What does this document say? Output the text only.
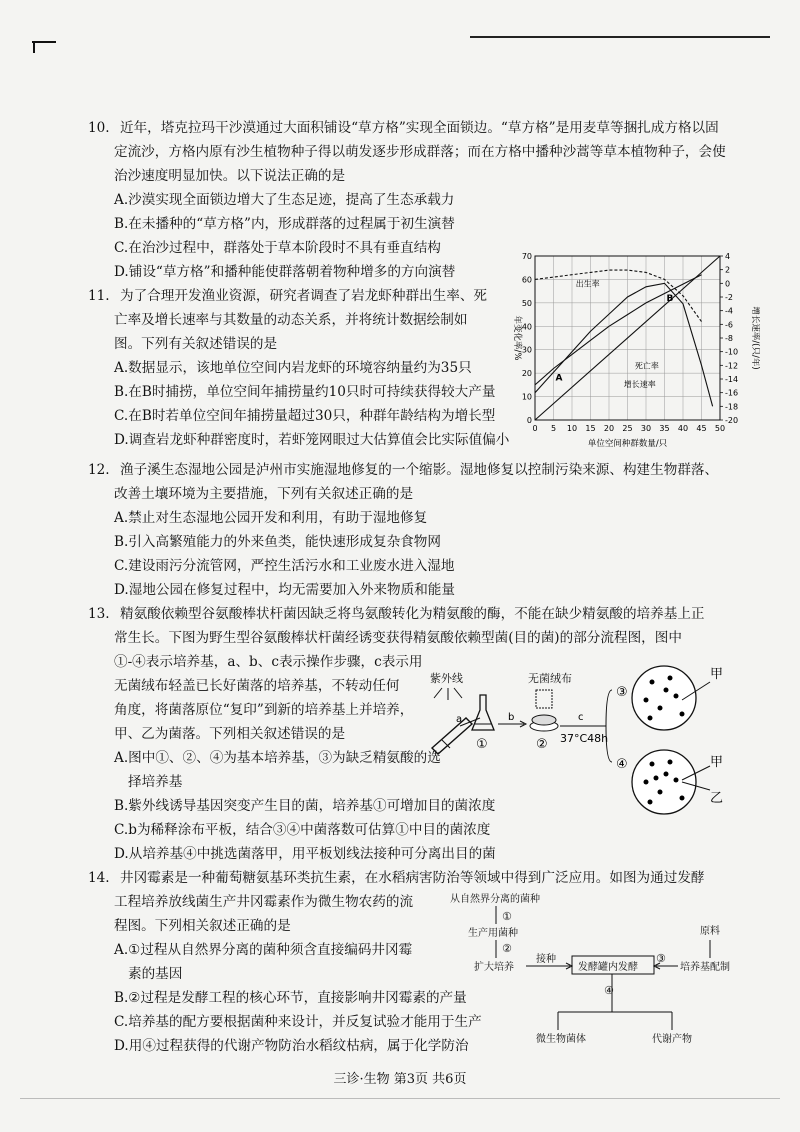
10. 近年，塔克拉玛干沙漠通过大面积铺设“草方格”实现全面锁边。“草方格”是用麦草等捆扎成方格以固
定流沙，方格内原有沙生植物种子得以萌发逐步形成群落；而在方格中播种沙蒿等草本植物种子，会使
治沙速度明显加快。以下说法正确的是
A.沙漠实现全面锁边增大了生态足迹，提高了生态承载力
B.在未播种的“草方格”内，形成群落的过程属于初生演替
C.在治沙过程中，群落处于草本阶段时不具有垂直结构
D.铺设“草方格”和播种能使群落朝着物种增多的方向演替
11. 为了合理开发渔业资源，研究者调查了岩龙虾种群出生率、死
亡率及增长速率与其数量的动态关系，并将统计数据绘制如
图。下列有关叙述错误的是
A.数据显示，该地单位空间内岩龙虾的环境容纳量约为35只
B.在B时捕捞，单位空间年捕捞量约10只时可持续获得较大产量
C.在B时若单位空间年捕捞量超过30只，种群年龄结构为增长型
D.调查岩龙虾种群密度时，若虾笼网眼过大估算值会比实际值偏小
0 5 10 15 20 25 30 35 40 45 50
0
10
20
30
40
50
60
70	4
2
0
-2
-4
-6
-8
-10
-12
-14
-16
-18
-20
单位空间种群数量/只
年变化率/%	增长速率/(只/年)
出生率
死亡率
增长速率
A
B
12. 渔子溪生态湿地公园是泸州市实施湿地修复的一个缩影。湿地修复以控制污染来源、构建生物群落、
改善土壤环境为主要措施，下列有关叙述正确的是
A.禁止对生态湿地公园开发和利用，有助于湿地修复
B.引入高繁殖能力的外来鱼类，能快速形成复杂食物网
C.建设雨污分流管网，严控生活污水和工业废水进入湿地
D.湿地公园在修复过程中，均无需要加入外来物质和能量
13. 精氨酸依赖型谷氨酸棒状杆菌因缺乏将鸟氨酸转化为精氨酸的酶，不能在缺少精氨酸的培养基上正
常生长。下图为野生型谷氨酸棒状杆菌经诱变获得精氨酸依赖型菌(目的菌)的部分流程图，图中
①-④表示培养基，a、b、c表示操作步骤，c表示用
无菌绒布轻盖已长好菌落的培养基，不转动任何
角度，将菌落原位“复印”到新的培养基上并培养，
甲、乙为菌落。下列相关叙述错误的是
A.图中①、②、④为基本培养基，③为缺乏精氨酸的选
择培养基
B.紫外线诱导基因突变产生目的菌，培养基①可增加目的菌浓度
C.b为稀释涂布平板，结合③④中菌落数可估算①中目的菌浓度
D.从培养基④中挑选菌落甲，用平板划线法接种可分离出目的菌
紫外线	无菌绒布
a
①
b
②
c
37°C48h
③
④
甲
甲
乙
14. 井冈霉素是一种葡萄糖氨基环类抗生素，在水稻病害防治等领域中得到广泛应用。如图为通过发酵
工程培养放线菌生产井冈霉素作为微生物农药的流
程图。下列相关叙述正确的是
A.①过程从自然界分离的菌种须含直接编码井冈霉
素的基因
B.②过程是发酵工程的核心环节，直接影响井冈霉素的产量
C.培养基的配方要根据菌种来设计，并反复试验才能用于生产
D.用④过程获得的代谢产物防治水稻纹枯病，属于化学防治
从自然界分离的菌种
①
生产用菌种
②
扩大培养
接种
发酵罐内发酵
③
原料
培养基配制
④
微生物菌体	代谢产物
三诊·生物 第3页 共6页
